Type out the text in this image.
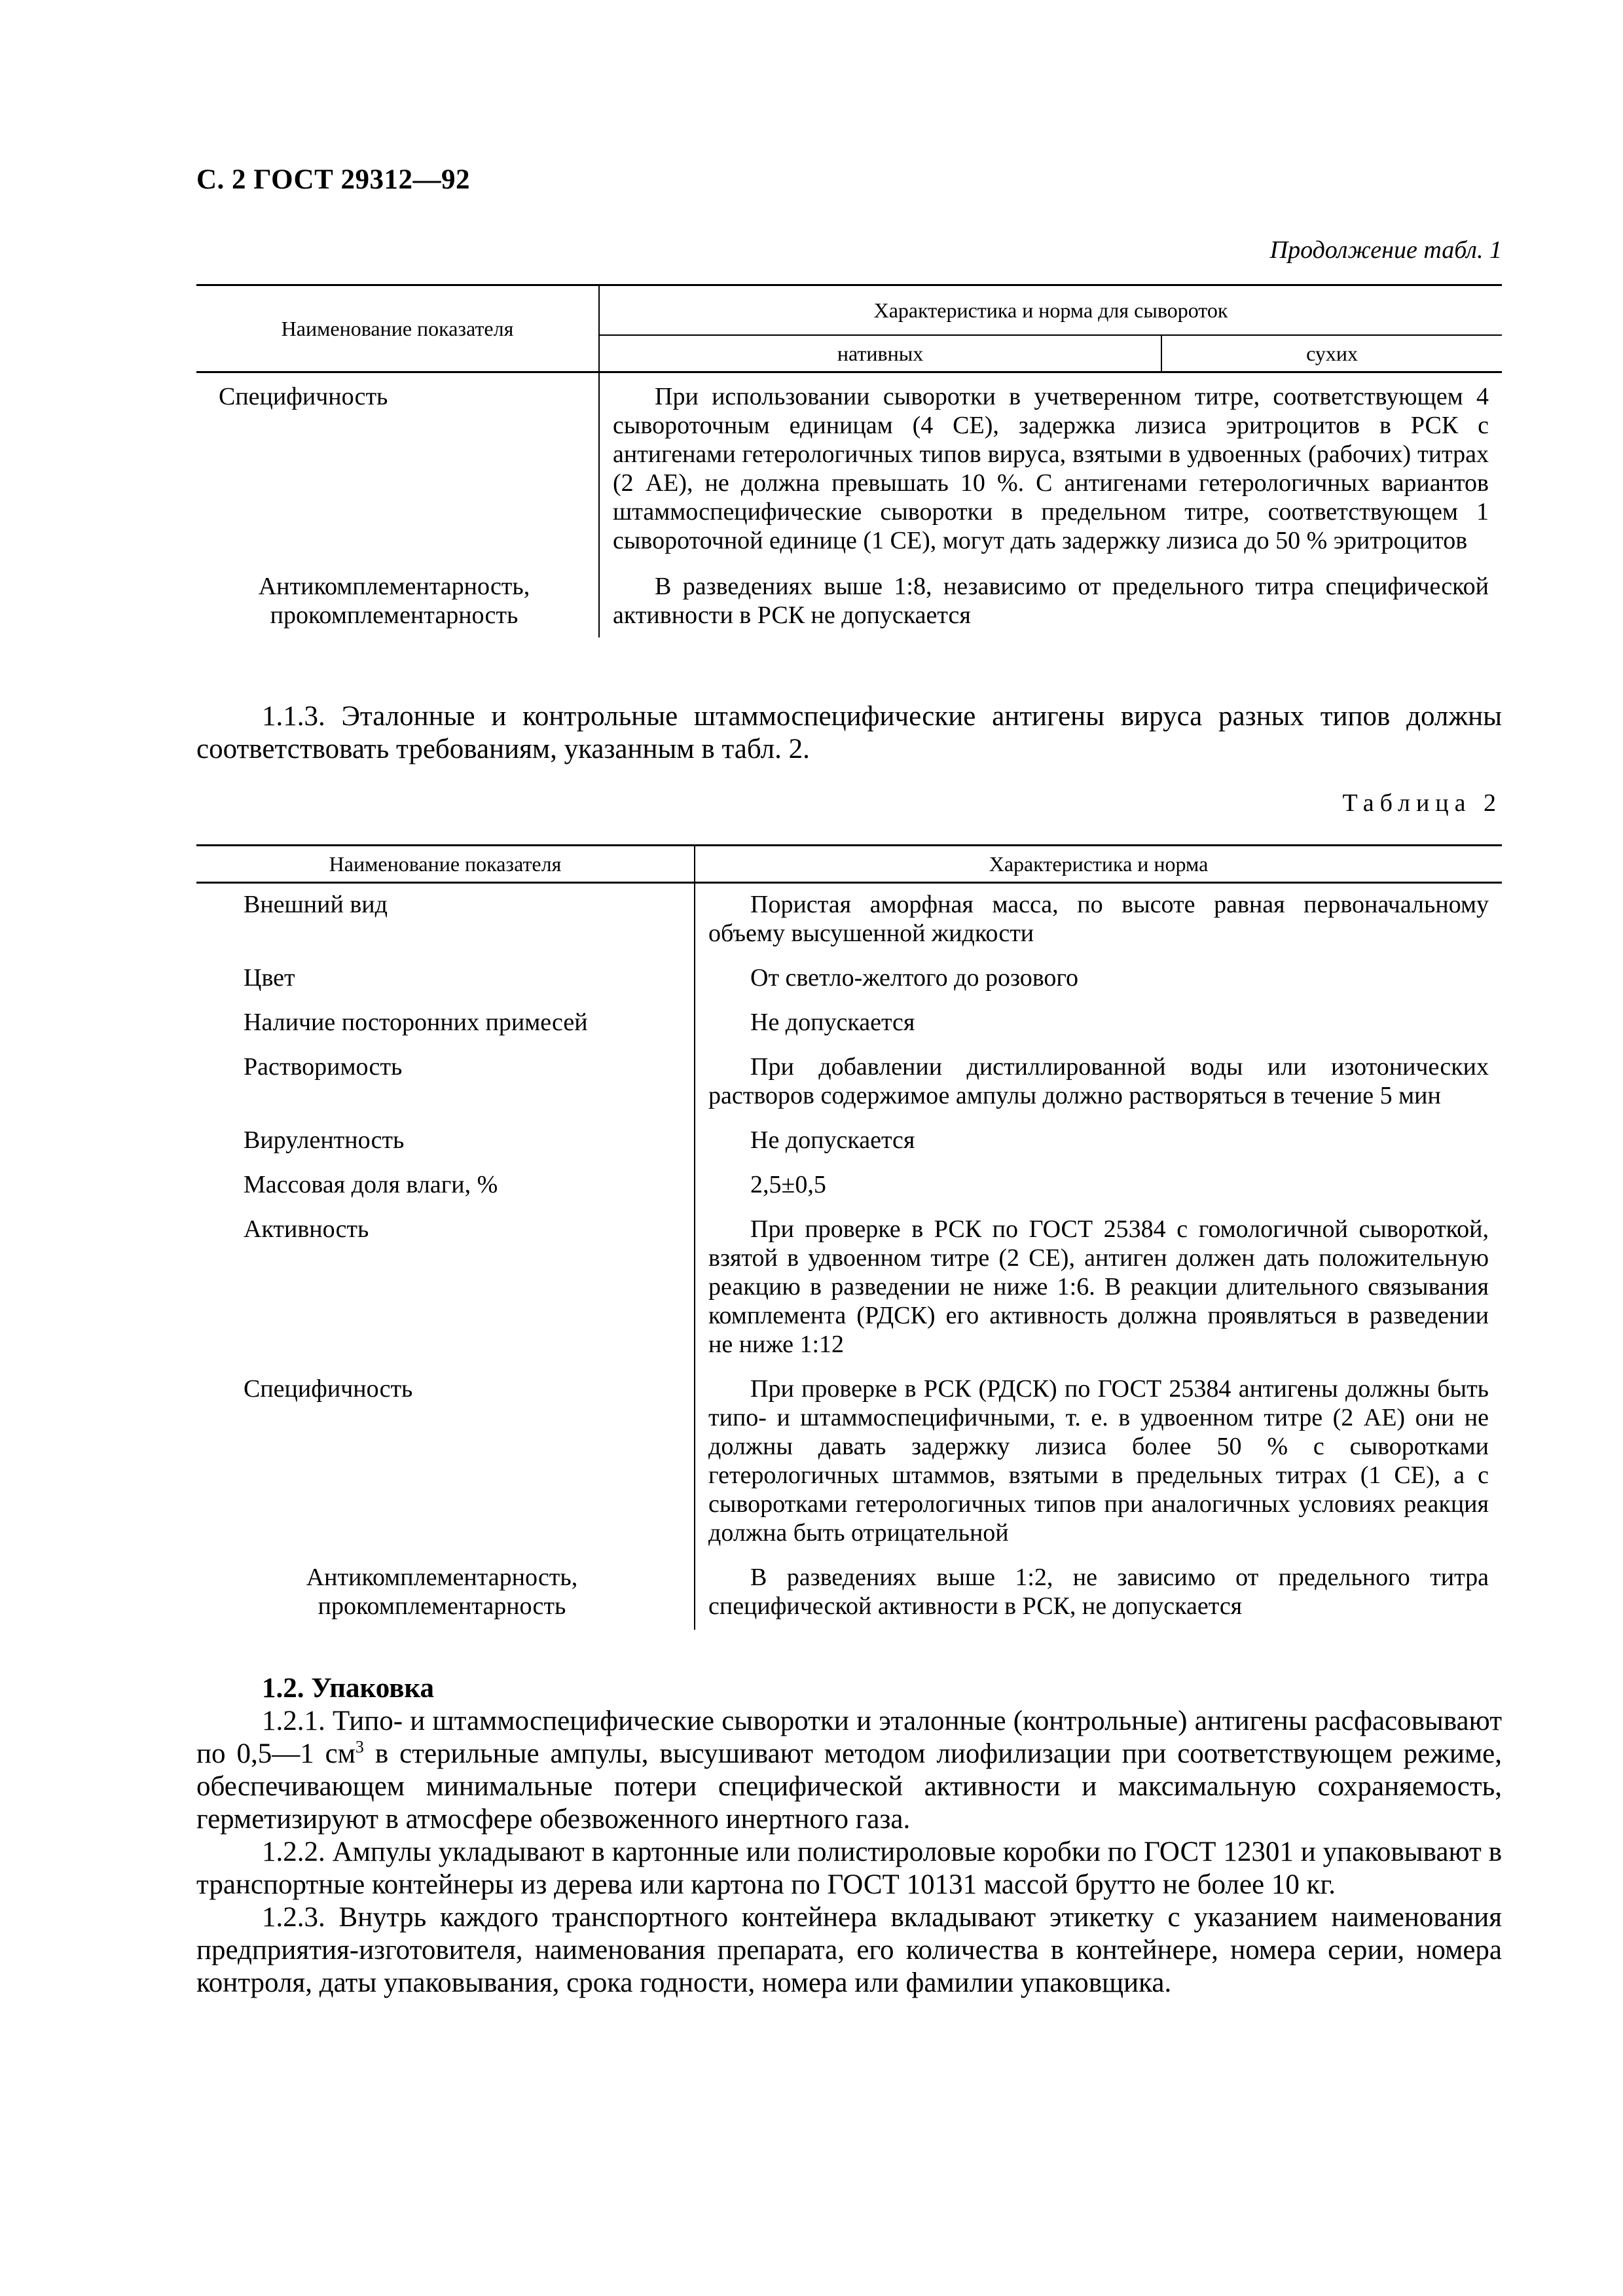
С. 2 ГОСТ 29312—92
Продолжение табл. 1
Наименование показателя	Характеристика и норма для сывороток	
	нативных	сухих
Специфичность	При использовании сыворотки в учетверенном титре, соответствующем 4 сывороточным единицам (4 СЕ), задержка лизиса эритроцитов в РСК с антигенами гетерологичных типов вируса, взятыми в удвоенных (рабочих) титрах (2 АЕ), не должна превышать 10 %. С антигенами гетерологичных вариантов штаммоспецифические сыворотки в предельном титре, соответствующем 1 сывороточной единице (1 СЕ), могут дать задержку лизиса до 50 % эритроцитов	
Антикомплементарность,
прокомплементарность	В разведениях выше 1:8, независимо от предельного титра специфической активности в РСК не допускается	

1.1.3. Эталонные и контрольные штаммоспецифические антигены вируса разных типов должны соответствовать требованиям, указанным в табл. 2.

Таблица 2
Наименование показателя	Характеристика и норма
Внешний вид	Пористая аморфная масса, по высоте равная первоначальному объему высушенной жидкости
Цвет	От светло-желтого до розового
Наличие посторонних примесей	Не допускается
Растворимость	При добавлении дистиллированной воды или изотонических растворов содержимое ампулы должно растворяться в течение 5 мин
Вирулентность	Не допускается
Массовая доля влаги, %	2,5±0,5
Активность	При проверке в РСК по ГОСТ 25384 с гомологичной сывороткой, взятой в удвоенном титре (2 СЕ), антиген должен дать положительную реакцию в разведении не ниже 1:6. В реакции длительного связывания комплемента (РДСК) его активность должна проявляться в разведении не ниже 1:12
Специфичность	При проверке в РСК (РДСК) по ГОСТ 25384 антигены должны быть типо- и штаммоспецифичными, т. е. в удвоенном титре (2 АЕ) они не должны давать задержку лизиса более 50 % с сыворотками гетерологичных штаммов, взятыми в предельных титрах (1 СЕ), а с сыворотками гетерологичных типов при аналогичных условиях реакция должна быть отрицательной
Антикомплементарность,
прокомплементарность	В разведениях выше 1:2, не зависимо от предельного титра специфической активности в РСК, не допускается

1.2. Упаковка

1.2.1. Типо- и штаммоспецифические сыворотки и эталонные (контрольные) антигены расфасовывают по 0,5—1 $см^3$ в стерильные ампулы, высушивают методом лиофилизации при соответствующем режиме, обеспечивающем минимальные потери специфической активности и максимальную сохраняемость, герметизируют в атмосфере обезвоженного инертного газа.

1.2.2. Ампулы укладывают в картонные или полистироловые коробки по ГОСТ 12301 и упаковывают в транспортные контейнеры из дерева или картона по ГОСТ 10131 массой брутто не более 10 кг.

1.2.3. Внутрь каждого транспортного контейнера вкладывают этикетку с указанием наименования предприятия-изготовителя, наименования препарата, его количества в контейнере, номера серии, номера контроля, даты упаковывания, срока годности, номера или фамилии упаковщика.
